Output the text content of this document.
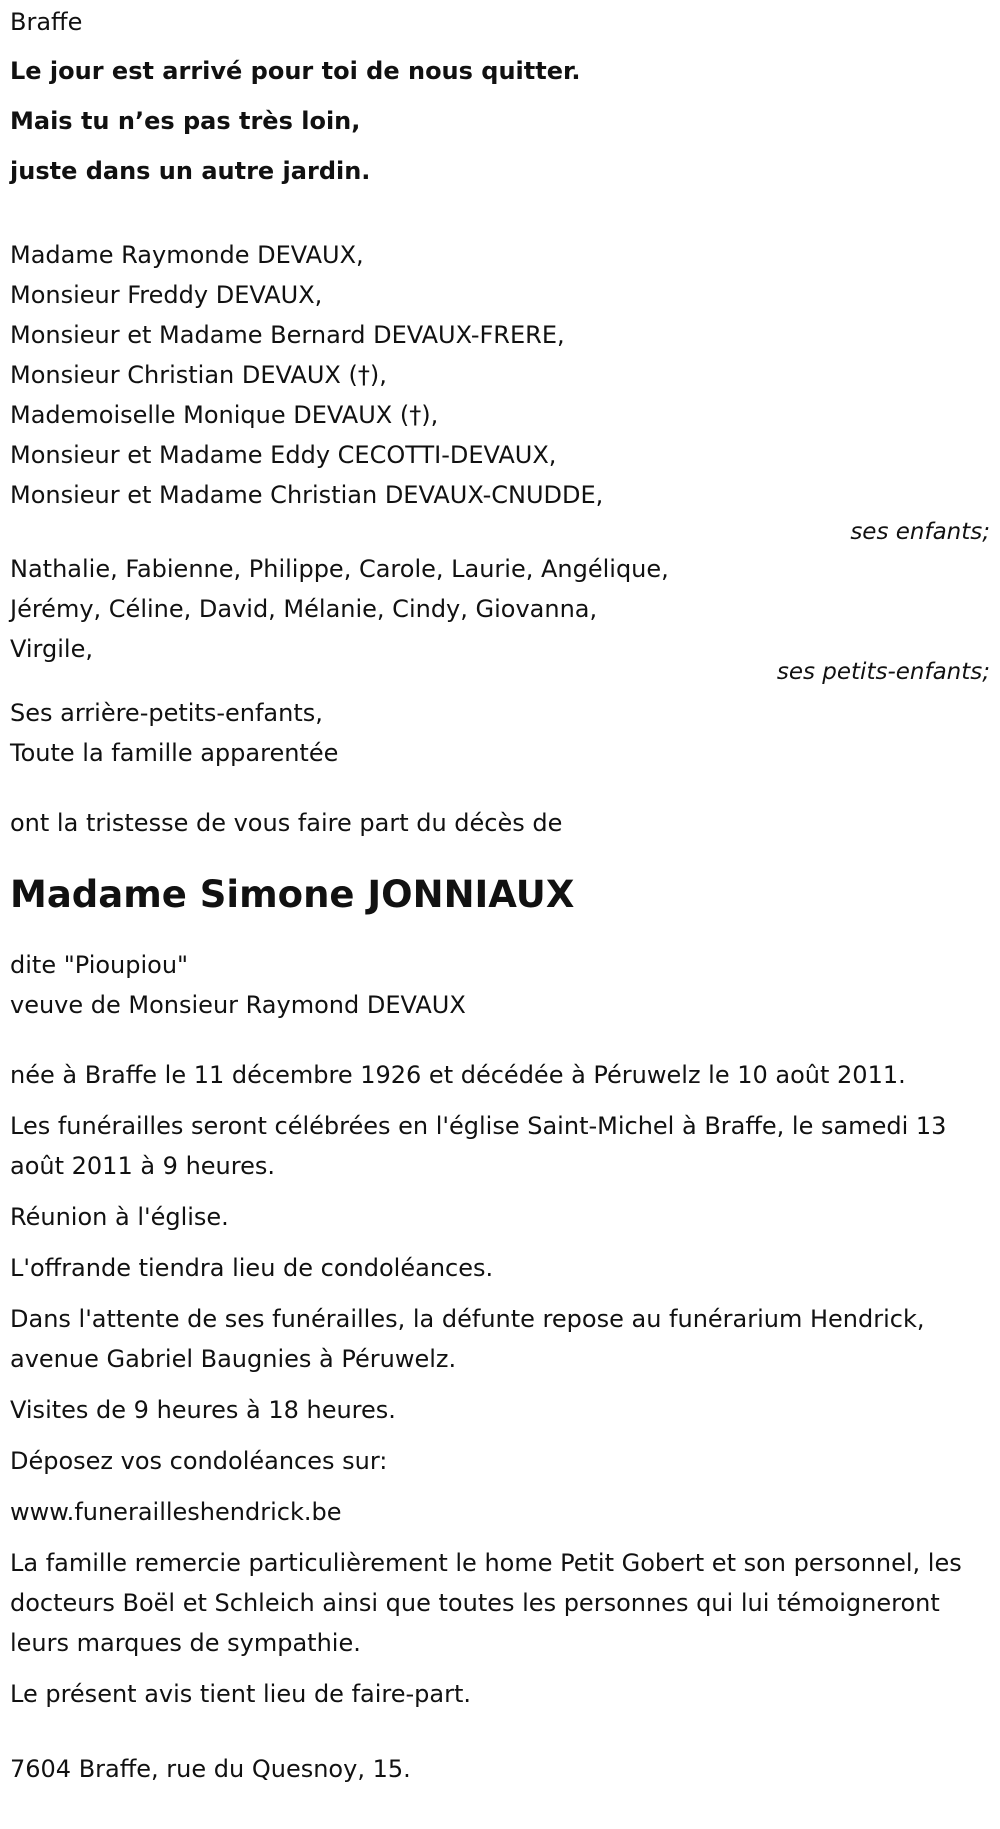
Braffe
Le jour est arrivé pour toi de nous quitter.
Mais tu n’es pas très loin,
juste dans un autre jardin.
Madame Raymonde DEVAUX,
Monsieur Freddy DEVAUX,
Monsieur et Madame Bernard DEVAUX-FRERE,
Monsieur Christian DEVAUX (†),
Mademoiselle Monique DEVAUX (†),
Monsieur et Madame Eddy CECOTTI-DEVAUX,
Monsieur et Madame Christian DEVAUX-CNUDDE,
ses enfants;
Nathalie, Fabienne, Philippe, Carole, Laurie, Angélique,
Jérémy, Céline, David, Mélanie, Cindy, Giovanna,
Virgile,
ses petits-enfants;
Ses arrière-petits-enfants,
Toute la famille apparentée
ont la tristesse de vous faire part du décès de
Madame Simone JONNIAUX
dite "Pioupiou"
veuve de Monsieur Raymond DEVAUX

née à Braffe le 11 décembre 1926 et décédée à Péruwelz le 10 août 2011.

Les funérailles seront célébrées en l'église Saint-Michel à Braffe, le samedi 13 août 2011 à 9 heures.

Réunion à l'église.

L'offrande tiendra lieu de condoléances.

Dans l'attente de ses funérailles, la défunte repose au funérarium Hendrick, avenue Gabriel Baugnies à Péruwelz.

Visites de 9 heures à 18 heures.

Déposez vos condoléances sur:

www.funerailleshendrick.be

La famille remercie particulièrement le home Petit Gobert et son personnel, les docteurs Boël et Schleich ainsi que toutes les personnes qui lui témoigneront leurs marques de sympathie.

Le présent avis tient lieu de faire-part.

7604 Braffe, rue du Quesnoy, 15.
